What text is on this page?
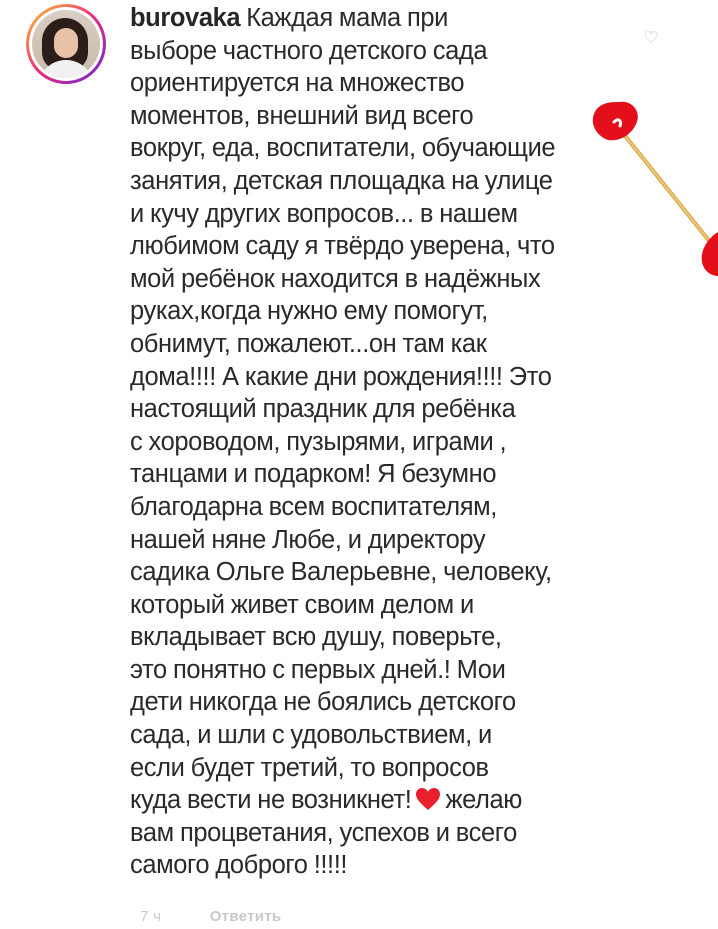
burovaka Каждая мама при
выборе частного детского сада
ориентируется на множество
моментов, внешний вид всего
вокруг, еда, воспитатели, обучающие
занятия, детская площадка на улице
и кучу других вопросов... в нашем
любимом саду я твёрдо уверена, что
мой ребёнок находится в надёжных
руках,когда нужно ему помогут,
обнимут, пожалеют...он там как
дома!!!! А какие дни рождения!!!! Это
настоящий праздник для ребёнка
с хороводом, пузырями, играми ,
танцами и подарком! Я безумно
благодарна всем воспитателям,
нашей няне Любе, и директору
садика Ольге Валерьевне, человеку,
который живет своим делом и
вкладывает всю душу, поверьте,
это понятно с первых дней.! Мои
дети никогда не боялись детского
сада, и шли с удовольствием, и
если будет третий, то вопросов
куда вести не возникнет! желаю
вам процветания, успехов и всего
самого доброго !!!!!
7 ч	Ответить
